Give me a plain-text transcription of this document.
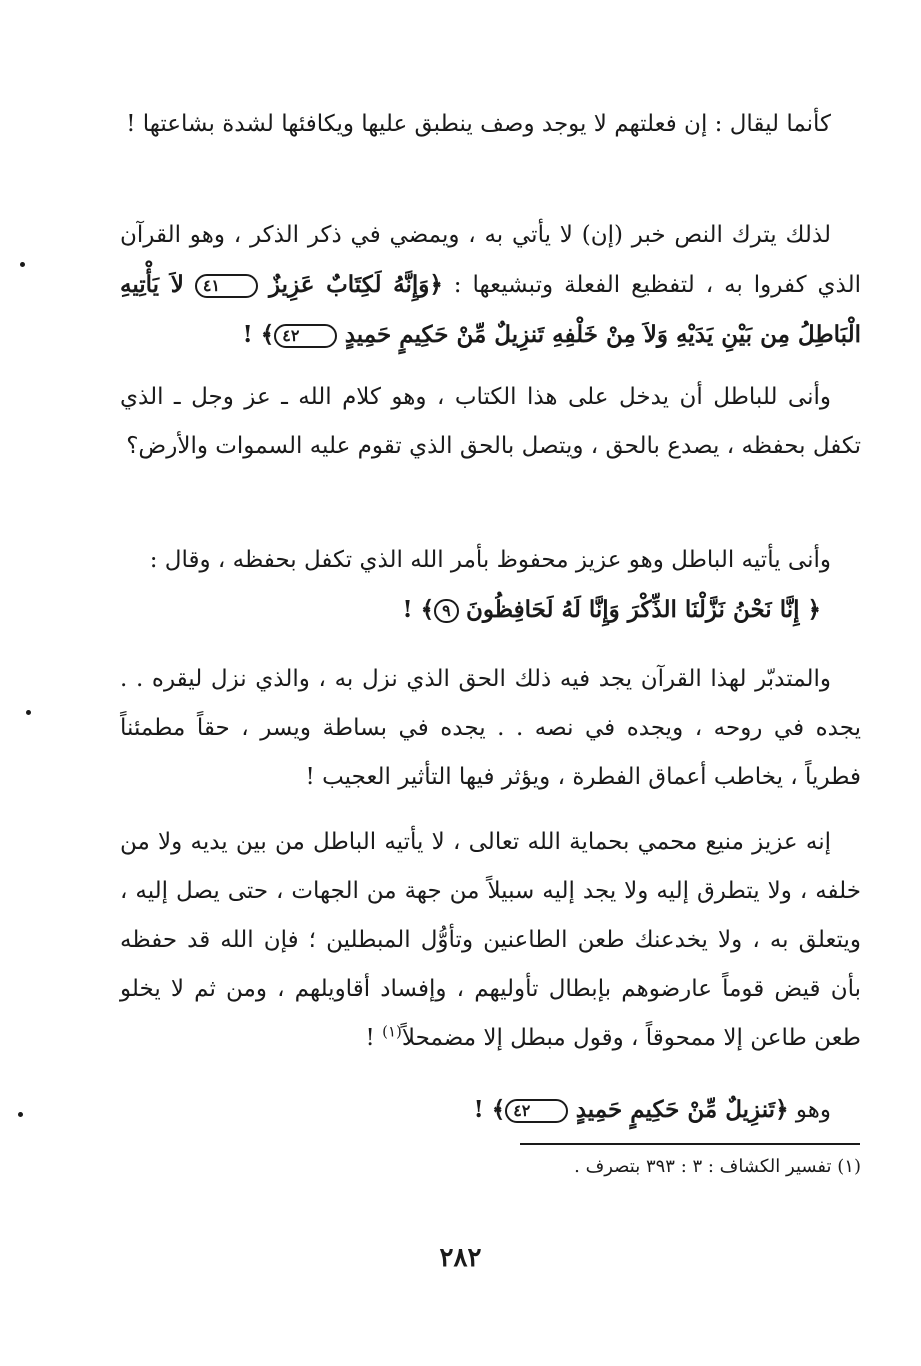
كأنما ليقال : إن فعلتهم لا يوجد وصف ينطبق عليها ويكافئها لشدة بشاعتها !

لذلك يترك النص خبر (إن) لا يأتي به ، ويمضي في ذكر الذكر ، وهو القرآن الذي كفروا به ، لتفظيع الفعلة وتبشيعها : ﴿وَإِنَّهُ لَكِتَابٌ عَزِيزٌ ٤١ لاَ يَأْتِيهِ الْبَاطِلُ مِن بَيْنِ يَدَيْهِ وَلاَ مِنْ خَلْفِهِ تَنزِيلٌ مِّنْ حَكِيمٍ حَمِيدٍ ٤٢﴾ !

وأنى للباطل أن يدخل على هذا الكتاب ، وهو كلام الله ـ عز وجل ـ الذي تكفل بحفظه ، يصدع بالحق ، ويتصل بالحق الذي تقوم عليه السموات والأرض؟

وأنى يأتيه الباطل وهو عزيز محفوظ بأمر الله الذي تكفل بحفظه ، وقال :

﴿ إِنَّا نَحْنُ نَزَّلْنَا الذِّكْرَ وَإِنَّا لَهُ لَحَافِظُونَ ٩﴾ !

والمتدبّر لهذا القرآن يجد فيه ذلك الحق الذي نزل به ، والذي نزل ليقره . . يجده في روحه ، ويجده في نصه . . يجده في بساطة ويسر ، حقاً مطمئناً فطرياً ، يخاطب أعماق الفطرة ، ويؤثر فيها التأثير العجيب !

إنه عزيز منيع محمي بحماية الله تعالى ، لا يأتيه الباطل من بين يديه ولا من خلفه ، ولا يتطرق إليه ولا يجد إليه سبيلاً من جهة من الجهات ، حتى يصل إليه ، ويتعلق به ، ولا يخدعنك طعن الطاعنين وتأوُّل المبطلين ؛ فإن الله قد حفظه بأن قيض قوماً عارضوهم بإبطال تأوليهم ، وإفساد أقاويلهم ، ومن ثم لا يخلو طعن طاعن إلا ممحوقاً ، وقول مبطل إلا مضمحلاً$^{(١)}$ !

وهو ﴿تَنزِيلٌ مِّنْ حَكِيمٍ حَمِيدٍ ٤٢﴾ !

(١) تفسير الكشاف : ٣ : ٣٩٣ بتصرف .
٢٨٢
